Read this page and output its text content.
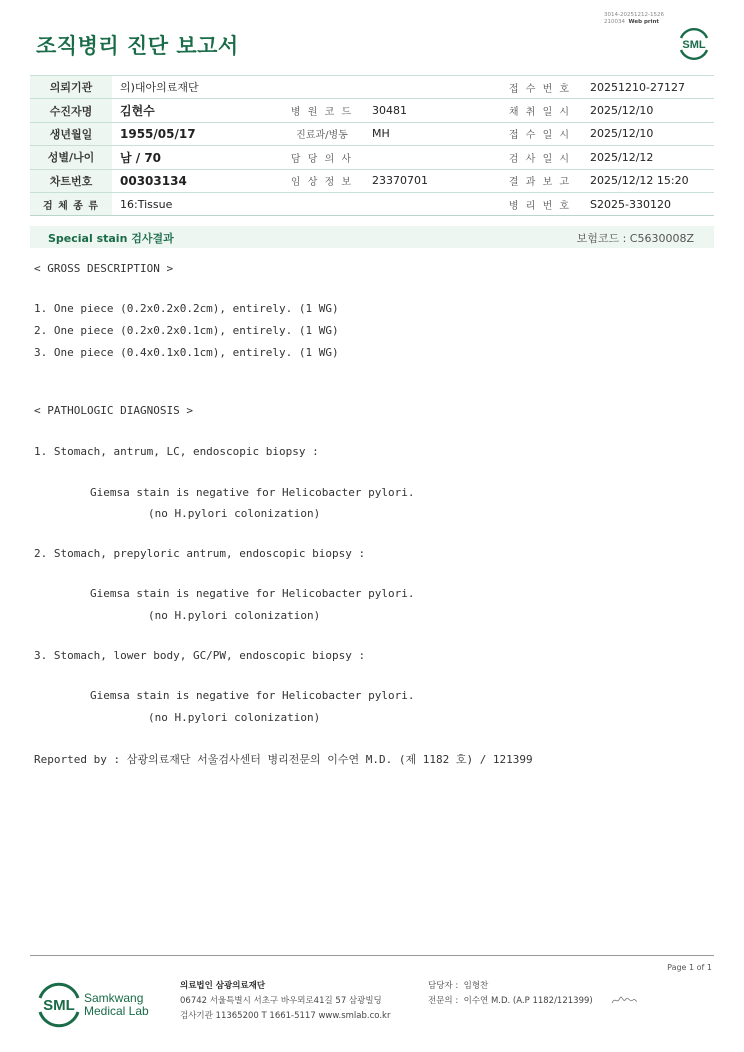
조직병리 진단 보고서
3014-20251212-1526
210034 Web print
SML
의뢰기관	의)대아의료재단			접 수 번 호	20251210-27127
수진자명	김현수	병 원 코 드	30481	채 취 일 시	2025/12/10
생년월일	1955/05/17	진료과/병동	MH	접 수 일 시	2025/12/10
성별/나이	남 / 70	담 당 의 사		검 사 일 시	2025/12/12
차트번호	00303134	임 상 정 보	23370701	결 과 보 고	2025/12/12 15:20
검 체 종 류	16:Tissue			병 리 번 호	S2025-330120
Special stain 검사결과	보험코드 : C5630008Z
< GROSS DESCRIPTION >
1. One piece (0.2x0.2x0.2cm), entirely. (1 WG)
2. One piece (0.2x0.2x0.1cm), entirely. (1 WG)
3. One piece (0.4x0.1x0.1cm), entirely. (1 WG)
< PATHOLOGIC DIAGNOSIS >
1. Stomach, antrum, LC, endoscopic biopsy :
Giemsa stain is negative for Helicobacter pylori.
(no H.pylori colonization)
2. Stomach, prepyloric antrum, endoscopic biopsy :
Giemsa stain is negative for Helicobacter pylori.
(no H.pylori colonization)
3. Stomach, lower body, GC/PW, endoscopic biopsy :
Giemsa stain is negative for Helicobacter pylori.
(no H.pylori colonization)
Reported by : 삼광의료재단 서울검사센터 병리전문의 이수연 M.D. (제 1182 호) / 121399
Page 1 of 1
SML Samkwang
Medical Lab
의료법인 삼광의료재단
06742 서울특별시 서초구 바우뫼로41길 57 삼광빌딩
검사기관 11365200 T 1661-5117 www.smlab.co.kr
담당자 : 임형찬
전문의 : 이수연 M.D. (A.P 1182/121399)
